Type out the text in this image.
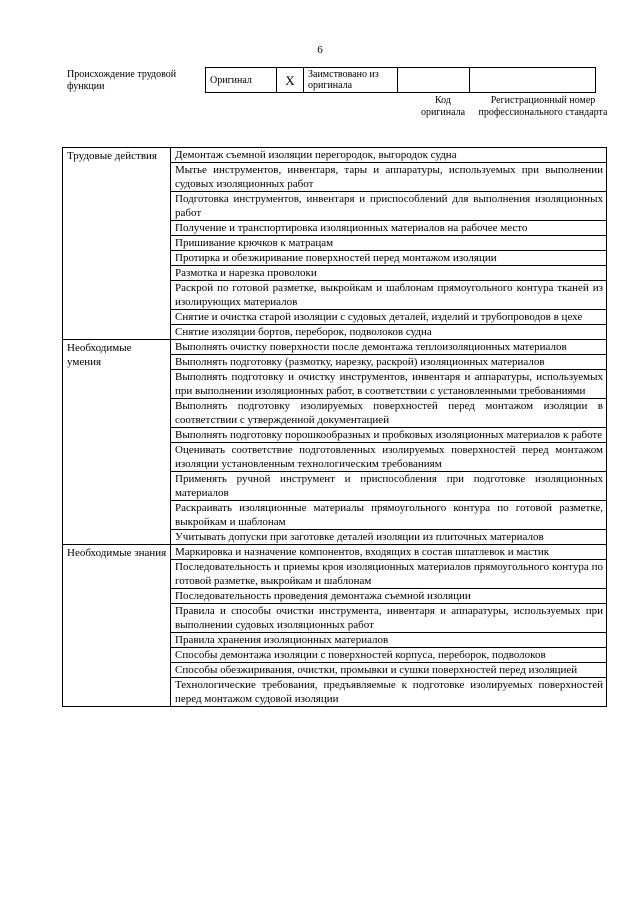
6
Происхождение трудовой функции
Оригинал	X	Заимствовано из оригинала		
Код оригинала
Регистрационный номер профессионального стандарта
Трудовые действия	Демонтаж съемной изоляции перегородок, выгородок судна
	Мытье инструментов, инвентаря, тары и аппаратуры, используемых при выполнении судовых изоляционных работ
	Подготовка инструментов, инвентаря и приспособлений для выполнения изоляционных работ
	Получение и транспортировка изоляционных материалов на рабочее место
	Пришивание крючков к матрацам
	Протирка и обезжиривание поверхностей перед монтажом изоляции
	Размотка и нарезка проволоки
	Раскрой по готовой разметке, выкройкам и шаблонам прямоугольного контура тканей из изолирующих материалов
	Снятие и очистка старой изоляции с судовых деталей, изделий и трубопроводов в цехе
	Снятие изоляции бортов, переборок, подволоков судна
Необходимые умения	Выполнять очистку поверхности после демонтажа теплоизоляционных материалов
	Выполнять подготовку (размотку, нарезку, раскрой) изоляционных материалов
	Выполнять подготовку и очистку инструментов, инвентаря и аппаратуры, используемых при выполнении изоляционных работ, в соответствии с установленными требованиями
	Выполнять подготовку изолируемых поверхностей перед монтажом изоляции в соответствии с утвержденной документацией
	Выполнять подготовку порошкообразных и пробковых изоляционных материалов к работе
	Оценивать соответствие подготовленных изолируемых поверхностей перед монтажом изоляции установленным технологическим требованиям
	Применять ручной инструмент и приспособления при подготовке изоляционных материалов
	Раскраивать изоляционные материалы прямоугольного контура по готовой разметке, выкройкам и шаблонам
	Учитывать допуски при заготовке деталей изоляции из плиточных материалов
Необходимые знания	Маркировка и назначение компонентов, входящих в состав шпатлевок и мастик
	Последовательность и приемы кроя изоляционных материалов прямоугольного контура по готовой разметке, выкройкам и шаблонам
	Последовательность проведения демонтажа съемной изоляции
	Правила и способы очистки инструмента, инвентаря и аппаратуры, используемых при выполнении судовых изоляционных работ
	Правила хранения изоляционных материалов
	Способы демонтажа изоляции с поверхностей корпуса, переборок, подволоков
	Способы обезжиривания, очистки, промывки и сушки поверхностей перед изоляцией
	Технологические требования, предъявляемые к подготовке изолируемых поверхностей перед монтажом судовой изоляции
